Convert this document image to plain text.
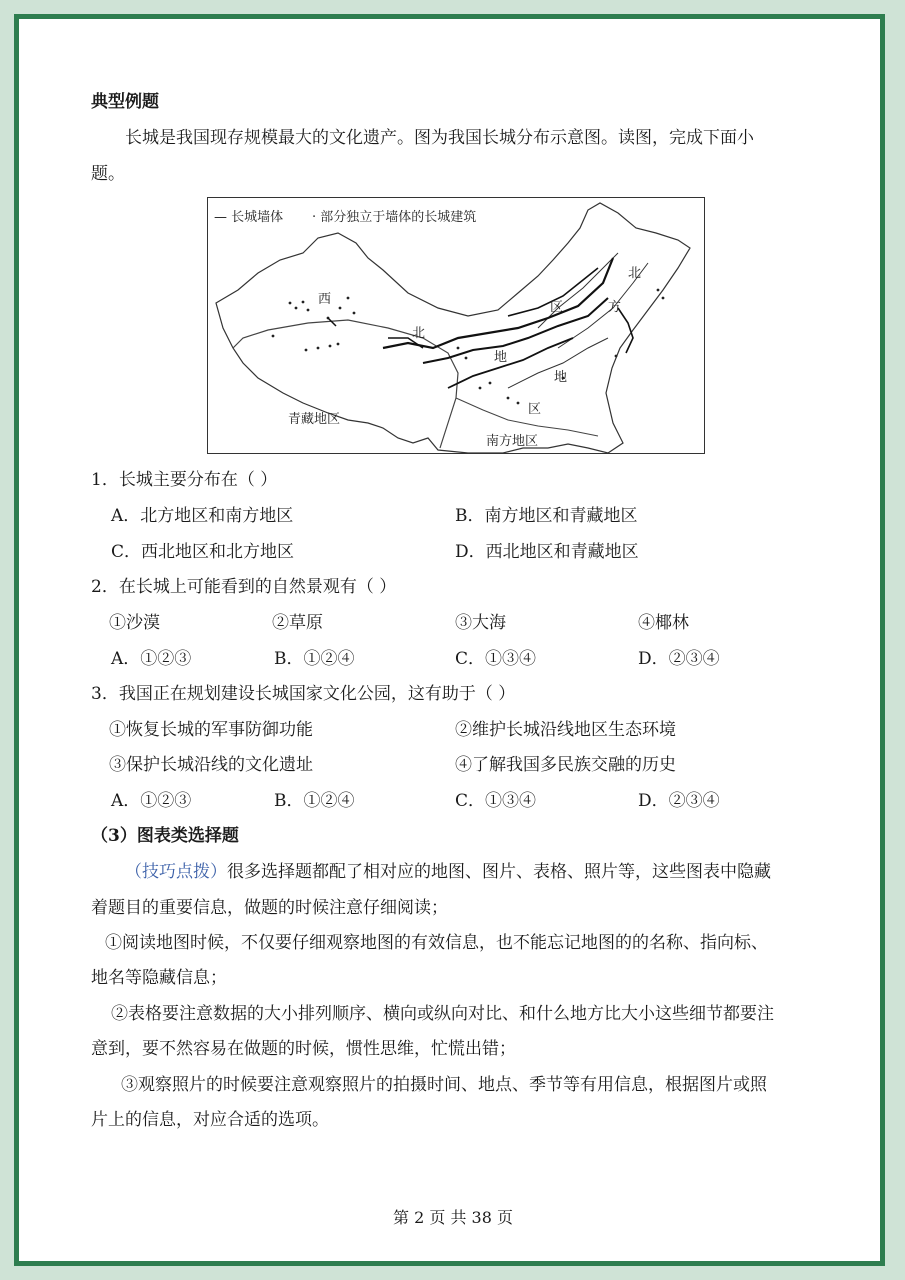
典型例题
长城是我国现存规模最大的文化遗产。图为我国长城分布示意图。读图，完成下面小
题。
— 长城墙体 · 部分独立于墙体的长城建筑
西
北
地
区
北
方
地
区
青藏地区
南方地区
1．长城主要分布在（ ）
A．北方地区和南方地区	B．南方地区和青藏地区
C．西北地区和北方地区	D．西北地区和青藏地区
2．在长城上可能看到的自然景观有（ ）
①沙漠	②草原	③大海	④椰林
A．①②③	B．①②④	C．①③④	D．②③④
3．我国正在规划建设长城国家文化公园，这有助于（ ）
①恢复长城的军事防御功能	②维护长城沿线地区生态环境
③保护长城沿线的文化遗址	④了解我国多民族交融的历史
A．①②③	B．①②④	C．①③④	D．②③④
（3）图表类选择题
（技巧点拨）很多选择题都配了相对应的地图、图片、表格、照片等，这些图表中隐藏
着题目的重要信息，做题的时候注意仔细阅读；
①阅读地图时候，不仅要仔细观察地图的有效信息，也不能忘记地图的的名称、指向标、
地名等隐藏信息；
②表格要注意数据的大小排列顺序、横向或纵向对比、和什么地方比大小这些细节都要注
意到，要不然容易在做题的时候，惯性思维，忙慌出错；
③观察照片的时候要注意观察照片的拍摄时间、地点、季节等有用信息，根据图片或照
片上的信息，对应合适的选项。
第 2 页 共 38 页
